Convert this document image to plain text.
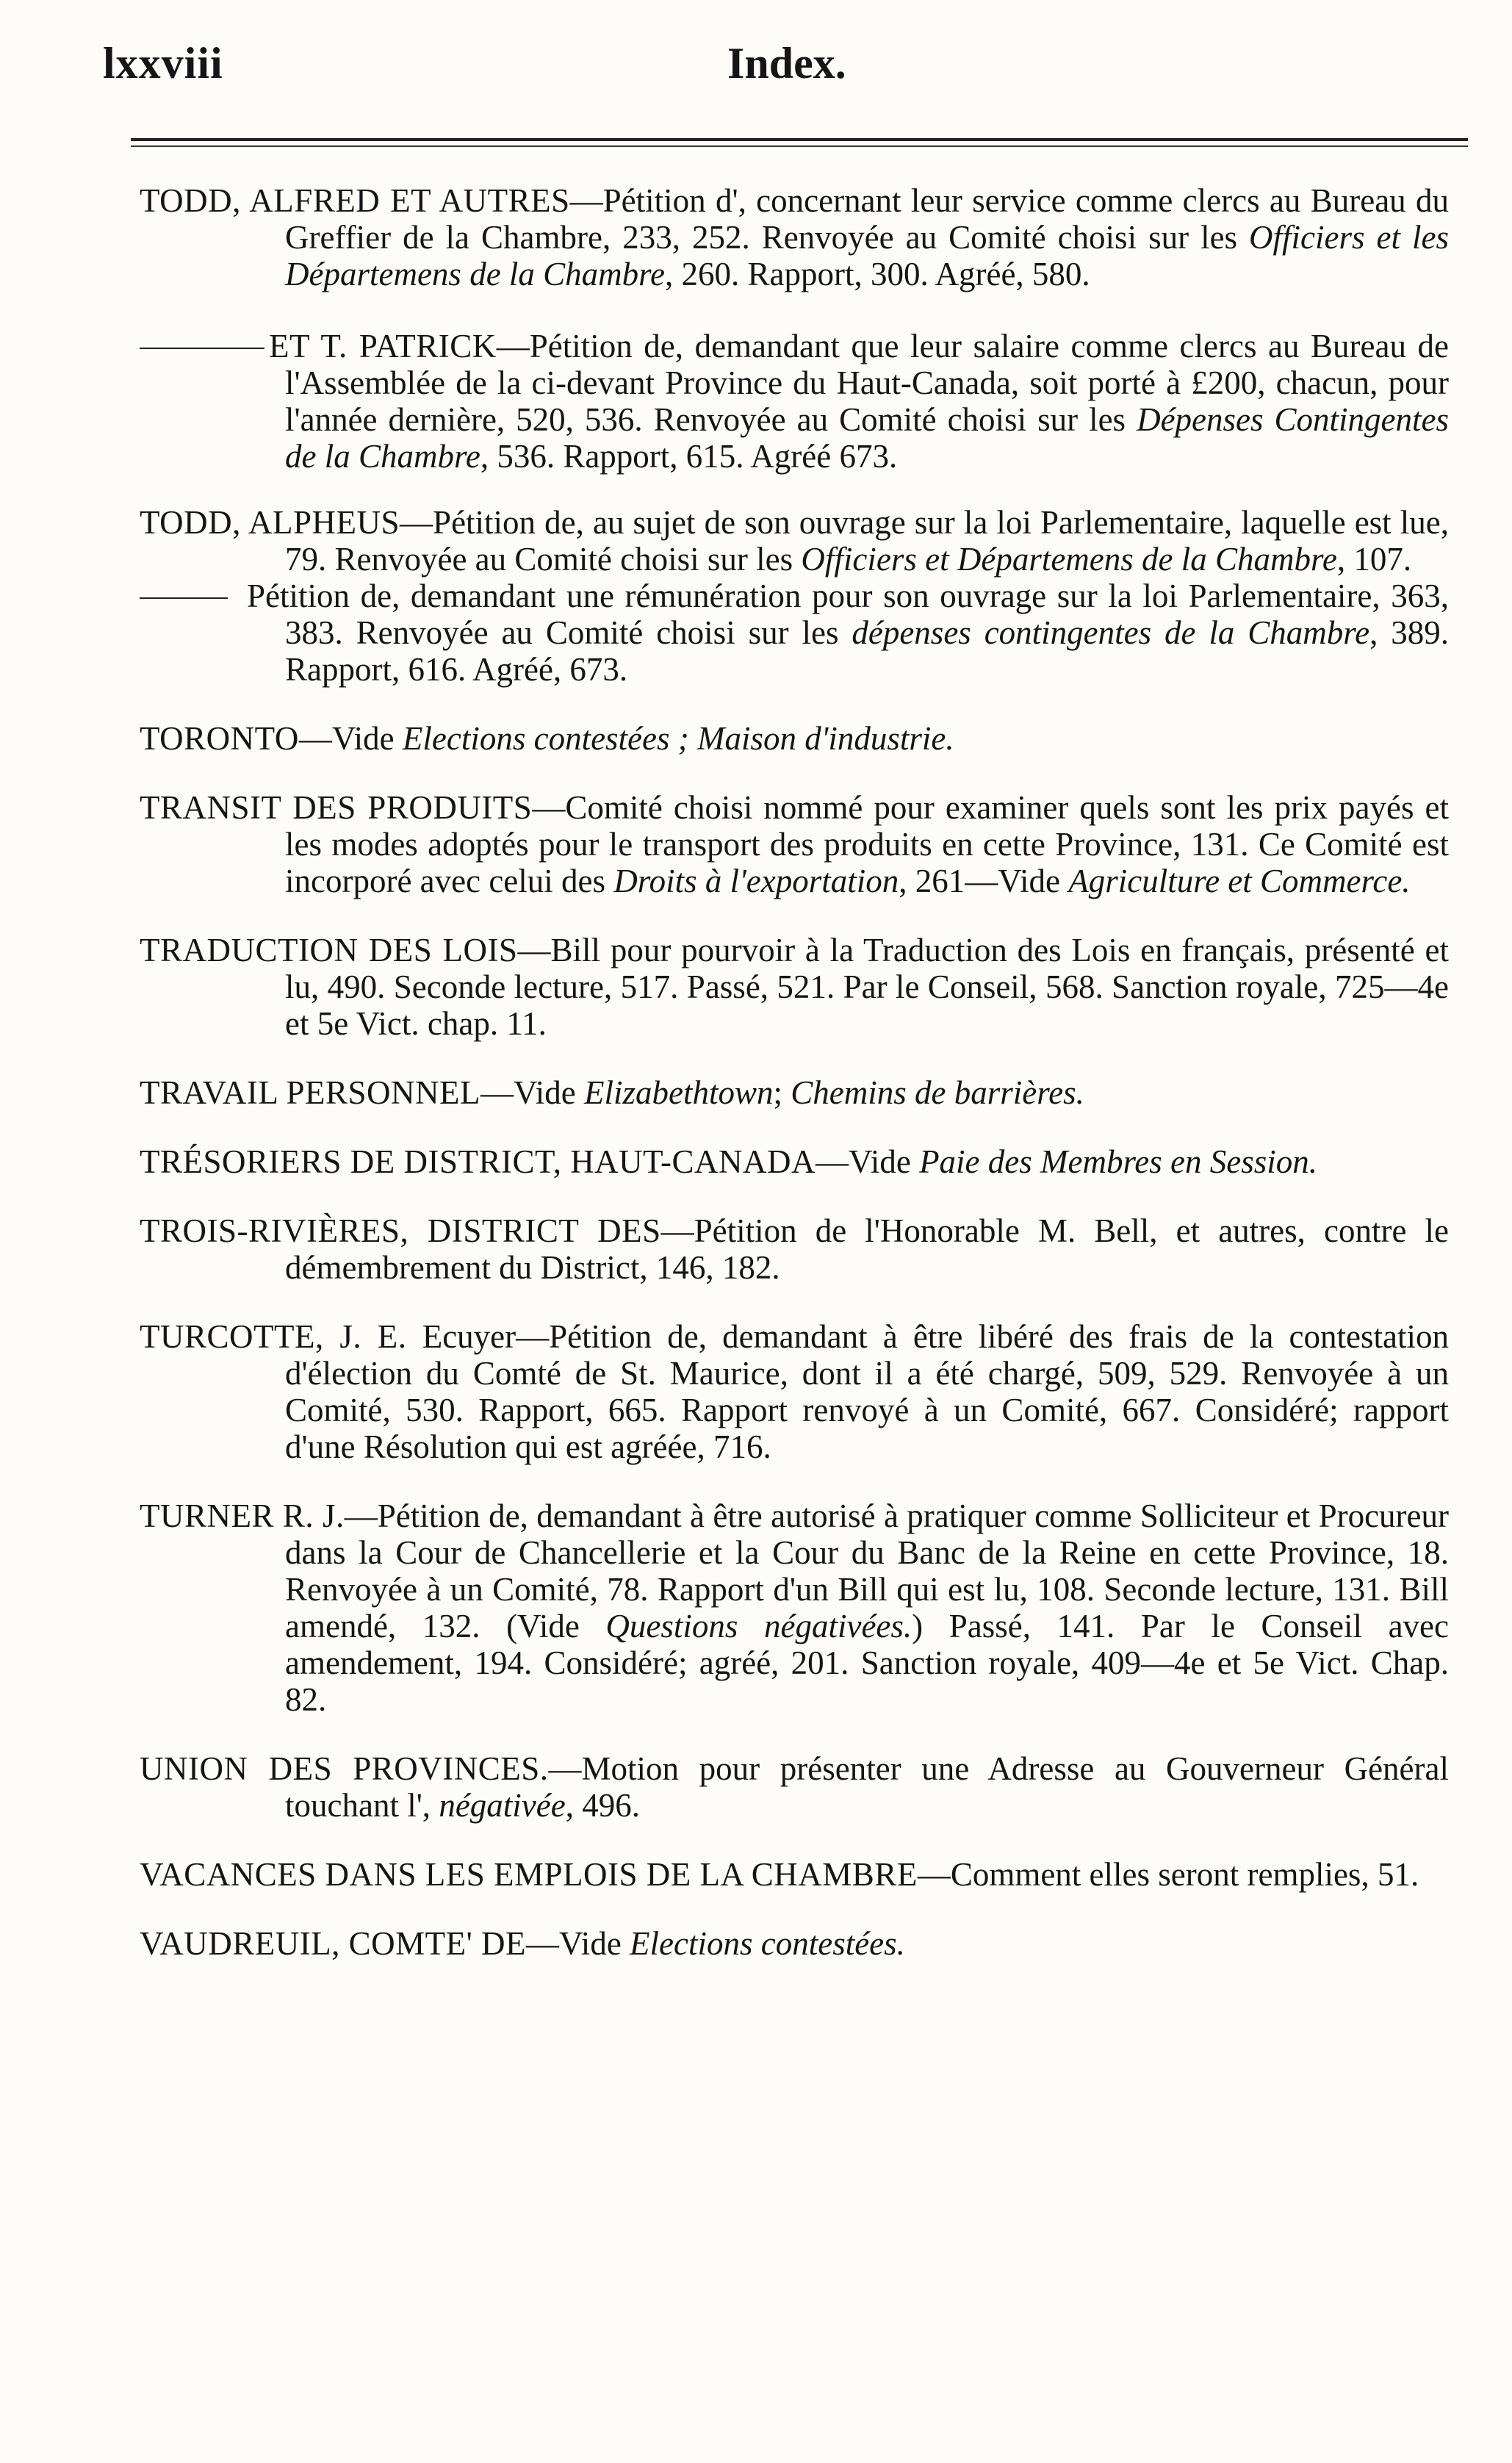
lxxviii	Index.

TODD, ALFRED ET AUTRES—Pétition d', concernant leur service comme clercs au Bureau du Greffier de la Chambre, 233, 252. Renvoyée au Comité choisi sur les Officiers et les Départemens de la Chambre, 260. Rapport, 300. Agréé, 580.

ET T. PATRICK—Pétition de, demandant que leur salaire comme clercs au Bureau de l'Assemblée de la ci-devant Province du Haut-Canada, soit porté à £200, chacun, pour l'année dernière, 520, 536. Renvoyée au Comité choisi sur les Dépenses Contingentes de la Chambre, 536. Rapport, 615. Agréé 673.

TODD, ALPHEUS—Pétition de, au sujet de son ouvrage sur la loi Parlementaire, laquelle est lue, 79. Renvoyée au Comité choisi sur les Officiers et Départemens de la Chambre, 107.

Pétition de, demandant une rémunération pour son ouvrage sur la loi Parlementaire, 363, 383. Renvoyée au Comité choisi sur les dépenses contingentes de la Chambre, 389. Rapport, 616. Agréé, 673.

TORONTO—Vide Elections contestées ; Maison d'industrie.

TRANSIT DES PRODUITS—Comité choisi nommé pour examiner quels sont les prix payés et les modes adoptés pour le transport des produits en cette Province, 131. Ce Comité est incorporé avec celui des Droits à l'exportation, 261—Vide Agriculture et Commerce.

TRADUCTION DES LOIS—Bill pour pourvoir à la Traduction des Lois en français, présenté et lu, 490. Seconde lecture, 517. Passé, 521. Par le Conseil, 568. Sanction royale, 725—4e et 5e Vict. chap. 11.

TRAVAIL PERSONNEL—Vide Elizabethtown; Chemins de barrières.

TRÉSORIERS DE DISTRICT, HAUT-CANADA—Vide Paie des Membres en Session.

TROIS-RIVIÈRES, DISTRICT DES—Pétition de l'Honorable M. Bell, et autres, contre le démembrement du District, 146, 182.

TURCOTTE, J. E. Ecuyer—Pétition de, demandant à être libéré des frais de la contestation d'élection du Comté de St. Maurice, dont il a été chargé, 509, 529. Renvoyée à un Comité, 530. Rapport, 665. Rapport renvoyé à un Comité, 667. Considéré; rapport d'une Résolution qui est agréée, 716.

TURNER R. J.—Pétition de, demandant à être autorisé à pratiquer comme Solliciteur et Procureur dans la Cour de Chancellerie et la Cour du Banc de la Reine en cette Province, 18. Renvoyée à un Comité, 78. Rapport d'un Bill qui est lu, 108. Seconde lecture, 131. Bill amendé, 132. (Vide Questions négativées.) Passé, 141. Par le Conseil avec amendement, 194. Considéré; agréé, 201. Sanction royale, 409—4e et 5e Vict. Chap. 82.

UNION DES PROVINCES.—Motion pour présenter une Adresse au Gouverneur Général touchant l', négativée, 496.

VACANCES DANS LES EMPLOIS DE LA CHAMBRE—Comment elles seront remplies, 51.

VAUDREUIL, COMTE' DE—Vide Elections contestées.
